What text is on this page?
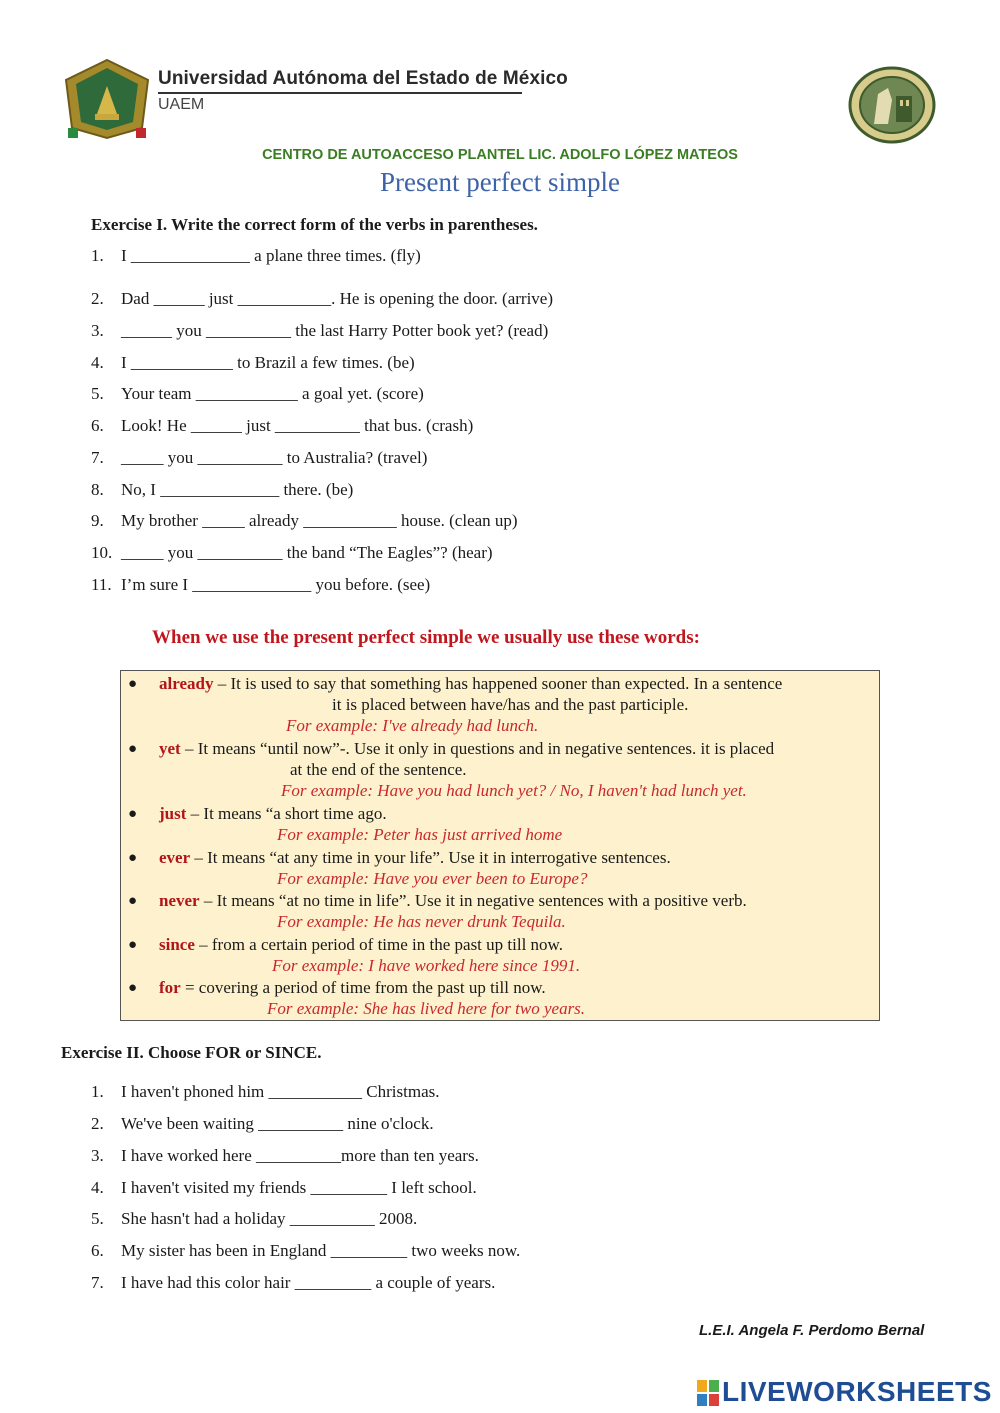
Universidad Autónoma del Estado de México
UAEM
CENTRO DE AUTOACCESO PLANTEL LIC. ADOLFO LÓPEZ MATEOS
Present perfect simple
Exercise I. Write the correct form of the verbs in parentheses.
1. I ______________ a plane three times. (fly)
2. Dad ______ just ___________. He is opening the door. (arrive)
3. ______ you __________ the last Harry Potter book yet? (read)
4. I ____________ to Brazil a few times. (be)
5. Your team ____________ a goal yet. (score)
6. Look! He ______ just __________ that bus. (crash)
7. _____ you __________ to Australia? (travel)
8. No, I ______________ there. (be)
9. My brother _____ already ___________ house. (clean up)
10. _____ you __________ the band “The Eagles”? (hear)
11. I’m sure I ______________ you before. (see)
When we use the present perfect simple we usually use these words:
● already – It is used to say that something has happened sooner than expected. In a sentence
it is placed between have/has and the past participle.
For example: I've already had lunch.
● yet – It means “until now”-. Use it only in questions and in negative sentences. it is placed
at the end of the sentence.
For example: Have you had lunch yet? / No, I haven't had lunch yet.
● just – It means “a short time ago.
For example: Peter has just arrived home
● ever – It means “at any time in your life”. Use it in interrogative sentences.
For example: Have you ever been to Europe?
● never – It means “at no time in life”. Use it in negative sentences with a positive verb.
For example: He has never drunk Tequila.
● since – from a certain period of time in the past up till now.
For example: I have worked here since 1991.
● for = covering a period of time from the past up till now.
For example: She has lived here for two years.
Exercise II. Choose FOR or SINCE.
1. I haven't phoned him ___________ Christmas.
2. We've been waiting __________ nine o'clock.
3. I have worked here __________more than ten years.
4. I haven't visited my friends _________ I left school.
5. She hasn't had a holiday __________ 2008.
6. My sister has been in England _________ two weeks now.
7. I have had this color hair _________ a couple of years.
L.E.I. Angela F. Perdomo Bernal
LIVEWORKSHEETS
